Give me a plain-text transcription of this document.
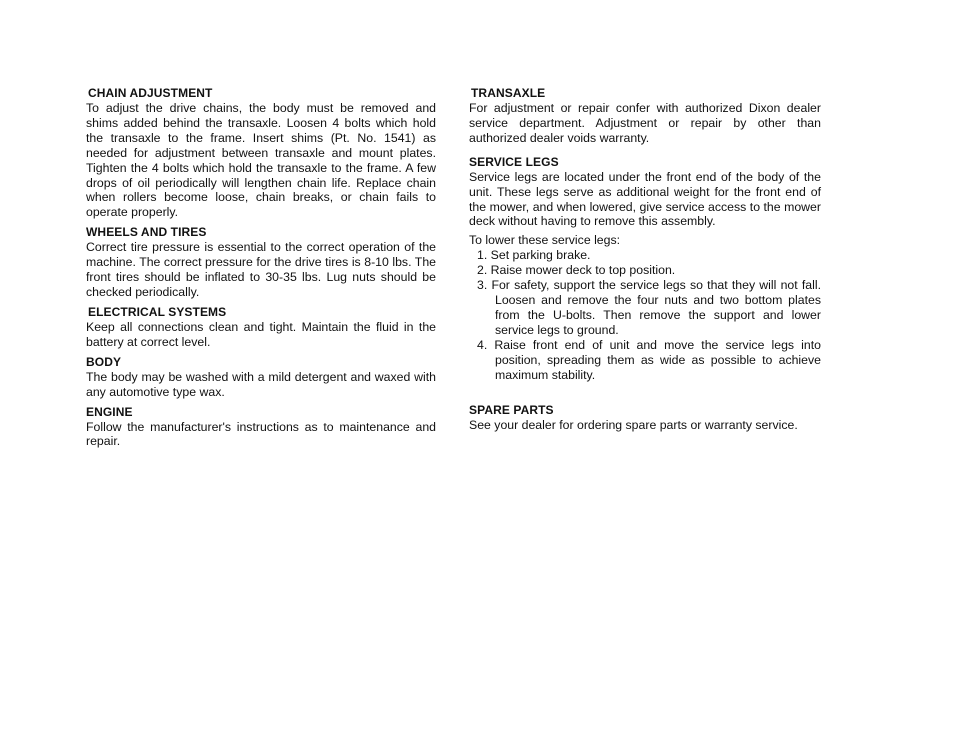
CHAIN ADJUSTMENT

To adjust the drive chains, the body must be removed and shims added behind the transaxle. Loosen 4 bolts which hold the transaxle to the frame. Insert shims (Pt. No. 1541) as needed for adjustment between transaxle and mount plates. Tighten the 4 bolts which hold the transaxle to the frame. A few drops of oil periodically will lengthen chain life. Replace chain when rollers become loose, chain breaks, or chain fails to operate properly.

WHEELS AND TIRES

Correct tire pressure is essential to the correct operation of the machine. The correct pressure for the drive tires is 8-10 lbs. The front tires should be inflated to 30-35 lbs. Lug nuts should be checked periodically.

ELECTRICAL SYSTEMS

Keep all connections clean and tight. Maintain the fluid in the battery at correct level.

BODY

The body may be washed with a mild detergent and waxed with any automotive type wax.

ENGINE

Follow the manufacturer's instructions as to maintenance and repair.

TRANSAXLE

For adjustment or repair confer with authorized Dixon dealer service department. Adjustment or repair by other than authorized dealer voids warranty.

SERVICE LEGS

Service legs are located under the front end of the body of the unit. These legs serve as additional weight for the front end of the mower, and when lowered, give service access to the mower deck without having to remove this assembly.

To lower these service legs:

1. Set parking brake.
2. Raise mower deck to top position.
3. For safety, support the service legs so that they will not fall. Loosen and remove the four nuts and two bottom plates from the U-bolts. Then remove the support and lower service legs to ground.
4. Raise front end of unit and move the service legs into position, spreading them as wide as possible to achieve maximum stability.
SPARE PARTS

See your dealer for ordering spare parts or warranty service.
